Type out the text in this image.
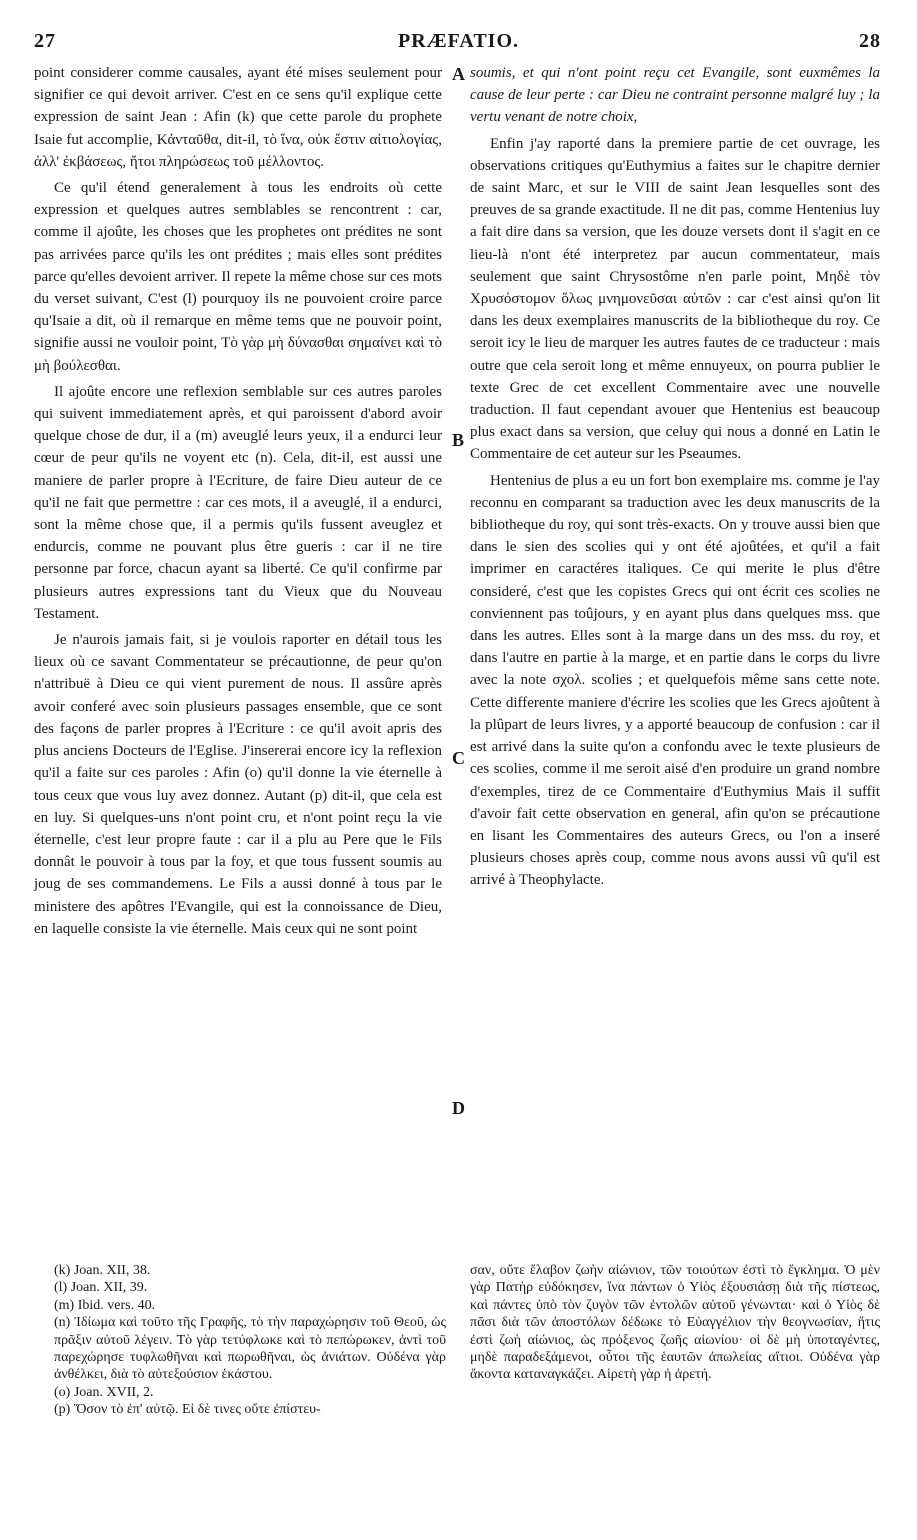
27	PRÆFATIO.	28

point considerer comme causales, ayant été mises seulement pour signifier ce qui devoit arriver. C'est en ce sens qu'il explique cette expression de saint Jean : Afin (k) que cette parole du prophete Isaie fut accomplie, Κἀνταῦθα, dit-il, τὸ ἵνα, οὐκ ἔστιν αἰτιολογίας, ἀλλ' ἐκβάσεως, ἤτοι πληρώσεως τοῦ μέλλοντος.

Ce qu'il étend generalement à tous les endroits où cette expression et quelques autres semblables se rencontrent : car, comme il ajoûte, les choses que les prophetes ont prédites ne sont pas arrivées parce qu'ils les ont prédites ; mais elles sont prédites parce qu'elles devoient arriver. Il repete la même chose sur ces mots du verset suivant, C'est (l) pourquoy ils ne pouvoient croire parce qu'Isaie a dit, où il remarque en même tems que ne pouvoir point, signifie aussi ne vouloir point, Τὸ γὰρ μὴ δύνασθαι σημαίνει καὶ τὸ μὴ βούλεσθαι.

Il ajoûte encore une reflexion semblable sur ces autres paroles qui suivent immediatement après, et qui paroissent d'abord avoir quelque chose de dur, il a (m) aveuglé leurs yeux, il a endurci leur cœur de peur qu'ils ne voyent etc (n). Cela, dit-il, est aussi une maniere de parler propre à l'Ecriture, de faire Dieu auteur de ce qu'il ne fait que permettre : car ces mots, il a aveuglé, il a endurci, sont la même chose que, il a permis qu'ils fussent aveuglez et endurcis, comme ne pouvant plus être gueris : car il ne tire personne par force, chacun ayant sa liberté. Ce qu'il confirme par plusieurs autres expressions tant du Vieux que du Nouveau Testament.

Je n'aurois jamais fait, si je voulois raporter en détail tous les lieux où ce savant Commentateur se précautionne, de peur qu'on n'attribuë à Dieu ce qui vient purement de nous. Il assûre après avoir conferé avec soin plusieurs passages ensemble, que ce sont des façons de parler propres à l'Ecriture : ce qu'il avoit apris des plus anciens Docteurs de l'Eglise. J'insererai encore icy la reflexion qu'il a faite sur ces paroles : Afin (o) qu'il donne la vie éternelle à tous ceux que vous luy avez donnez. Autant (p) dit-il, que cela est en luy. Si quelques-uns n'ont point cru, et n'ont point reçu la vie éternelle, c'est leur propre faute : car il a plu au Pere que le Fils donnât le pouvoir à tous par la foy, et que tous fussent soumis au joug de ses commandemens. Le Fils a aussi donné à tous par le ministere des apôtres l'Evangile, qui est la connoissance de Dieu, en laquelle consiste la vie éternelle. Mais ceux qui ne sont point

A
B
C
D

soumis, et qui n'ont point reçu cet Evangile, sont euxmêmes la cause de leur perte : car Dieu ne contraint personne malgré luy ; la vertu venant de notre choix,

Enfin j'ay raporté dans la premiere partie de cet ouvrage, les observations critiques qu'Euthymius a faites sur le chapitre dernier de saint Marc, et sur le VIII de saint Jean lesquelles sont des preuves de sa grande exactitude. Il ne dit pas, comme Hentenius luy a fait dire dans sa version, que les douze versets dont il s'agit en ce lieu-là n'ont été interpretez par aucun commentateur, mais seulement que saint Chrysostôme n'en parle point, Μηδὲ τὸν Χρυσόστομον ὅλως μνημονεῦσαι αὐτῶν : car c'est ainsi qu'on lit dans les deux exemplaires manuscrits de la bibliotheque du roy. Ce seroit icy le lieu de marquer les autres fautes de ce traducteur : mais outre que cela seroit long et même ennuyeux, on pourra publier le texte Grec de cet excellent Commentaire avec une nouvelle traduction. Il faut cependant avouer que Hentenius est beaucoup plus exact dans sa version, que celuy qui nous a donné en Latin le Commentaire de cet auteur sur les Pseaumes.

Hentenius de plus a eu un fort bon exemplaire ms. comme je l'ay reconnu en comparant sa traduction avec les deux manuscrits de la bibliotheque du roy, qui sont très-exacts. On y trouve aussi bien que dans le sien des scolies qui y ont été ajoûtées, et qu'il a fait imprimer en caractéres italiques. Ce qui merite le plus d'être consideré, c'est que les copistes Grecs qui ont écrit ces scolies ne conviennent pas toûjours, y en ayant plus dans quelques mss. que dans les autres. Elles sont à la marge dans un des mss. du roy, et dans l'autre en partie à la marge, et en partie dans le corps du livre avec la note σχολ. scolies ; et quelquefois même sans cette note. Cette differente maniere d'écrire les scolies que les Grecs ajoûtent à la plûpart de leurs livres, y a apporté beaucoup de confusion : car il est arrivé dans la suite qu'on a confondu avec le texte plusieurs de ces scolies, comme il me seroit aisé d'en produire un grand nombre d'exemples, tirez de ce Commentaire d'Euthymius Mais il suffit d'avoir fait cette observation en general, afin qu'on se précautione en lisant les Commentaires des auteurs Grecs, ou l'on a inseré plusieurs choses après coup, comme nous avons aussi vû qu'il est arrivé à Theophylacte.

(k) Joan. XII, 38.
(l) Joan. XII, 39.
(m) Ibid. vers. 40.
(n) Ἰδίωμα καὶ τοῦτο τῆς Γραφῆς, τὸ τὴν παραχώρησιν τοῦ Θεοῦ, ὡς πρᾶξιν αὐτοῦ λέγειν. Τὸ γὰρ τετύφλωκε καὶ τὸ πεπώρωκεν, ἀντὶ τοῦ παρεχώρησε τυφλωθῆναι καὶ πωρωθῆναι, ὡς ἀνιάτων. Οὐδένα γὰρ ἀνθέλκει, διὰ τὸ αὐτεξούσιον ἑκάστου.
(o) Joan. XVII, 2.
(p) Ὅσον τὸ ἐπ' αὐτῷ. Εἰ δὲ τινες οὔτε ἐπίστευ-

σαν, οὔτε ἔλαβον ζωὴν αἰώνιον, τῶν τοιούτων ἐστὶ τὸ ἔγκλημα. Ὁ μὲν γὰρ Πατὴρ εὐδόκησεν, ἵνα πάντων ὁ Υἱὸς ἐξουσιάσῃ διὰ τῆς πίστεως, καὶ πάντες ὑπὸ τὸν ζυγὸν τῶν ἐντολῶν αὐτοῦ γένωνται· καὶ ὁ Υἱὸς δὲ πᾶσι διὰ τῶν ἀποστόλων δέδωκε τὸ Εὐαγγέλιον τὴν θεογνωσίαν, ἥτις ἐστὶ ζωὴ αἰώνιος, ὡς πρόξενος ζωῆς αἰωνίου· οἱ δὲ μὴ ὑποταγέντες, μηδὲ παραδεξάμενοι, οὗτοι τῆς ἑαυτῶν ἀπωλείας αἴτιοι. Οὐδένα γὰρ ἄκοντα καταναγκάζει. Αἱρετὴ γὰρ ἡ ἀρετή.
